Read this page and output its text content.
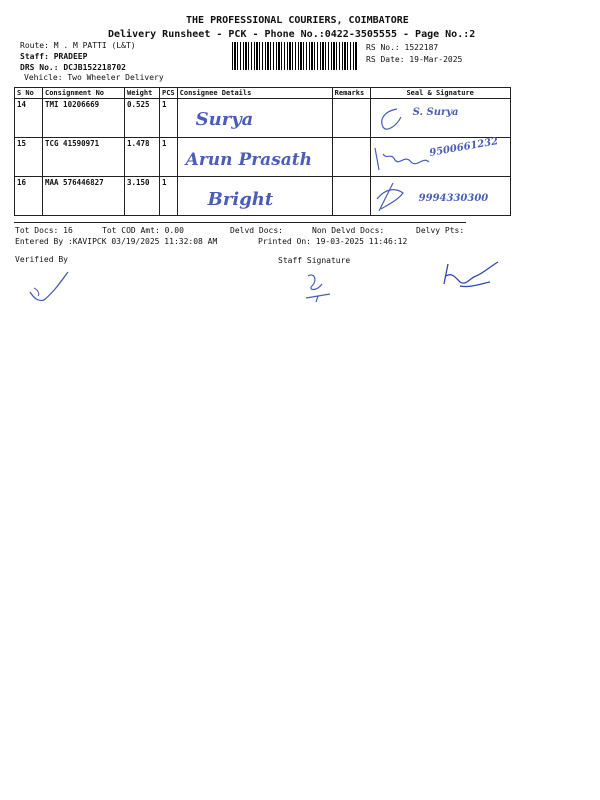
THE PROFESSIONAL COURIERS, COIMBATORE
Delivery Runsheet - PCK - Phone No.:0422-3505555 - Page No.:2
Route: M . M PATTI (L&T)
Staff: PRADEEP
DRS No.: DCJB152218702
Vehicle: Two Wheeler Delivery
RS No.: 1522187
RS Date: 19-Mar-2025
S No	Consignment No	Weight	PCS	Consignee Details	Remarks	Seal & Signature
14	TMI 10206669	0.525	1	Surya		S. Surya

15	TCG 41590971	1.478	1	Arun Prasath		9500661232

16	MAA 576446827	3.150	1	Bright		9994330300
Tot Docs: 16	Tot COD Amt: 0.00	Delvd Docs:	Non Delvd Docs:	Delvy Pts:
Entered By :KAVIPCK 03/19/2025 11:32:08 AM	Printed On: 19-03-2025 11:46:12
Verified By	Staff Signature
